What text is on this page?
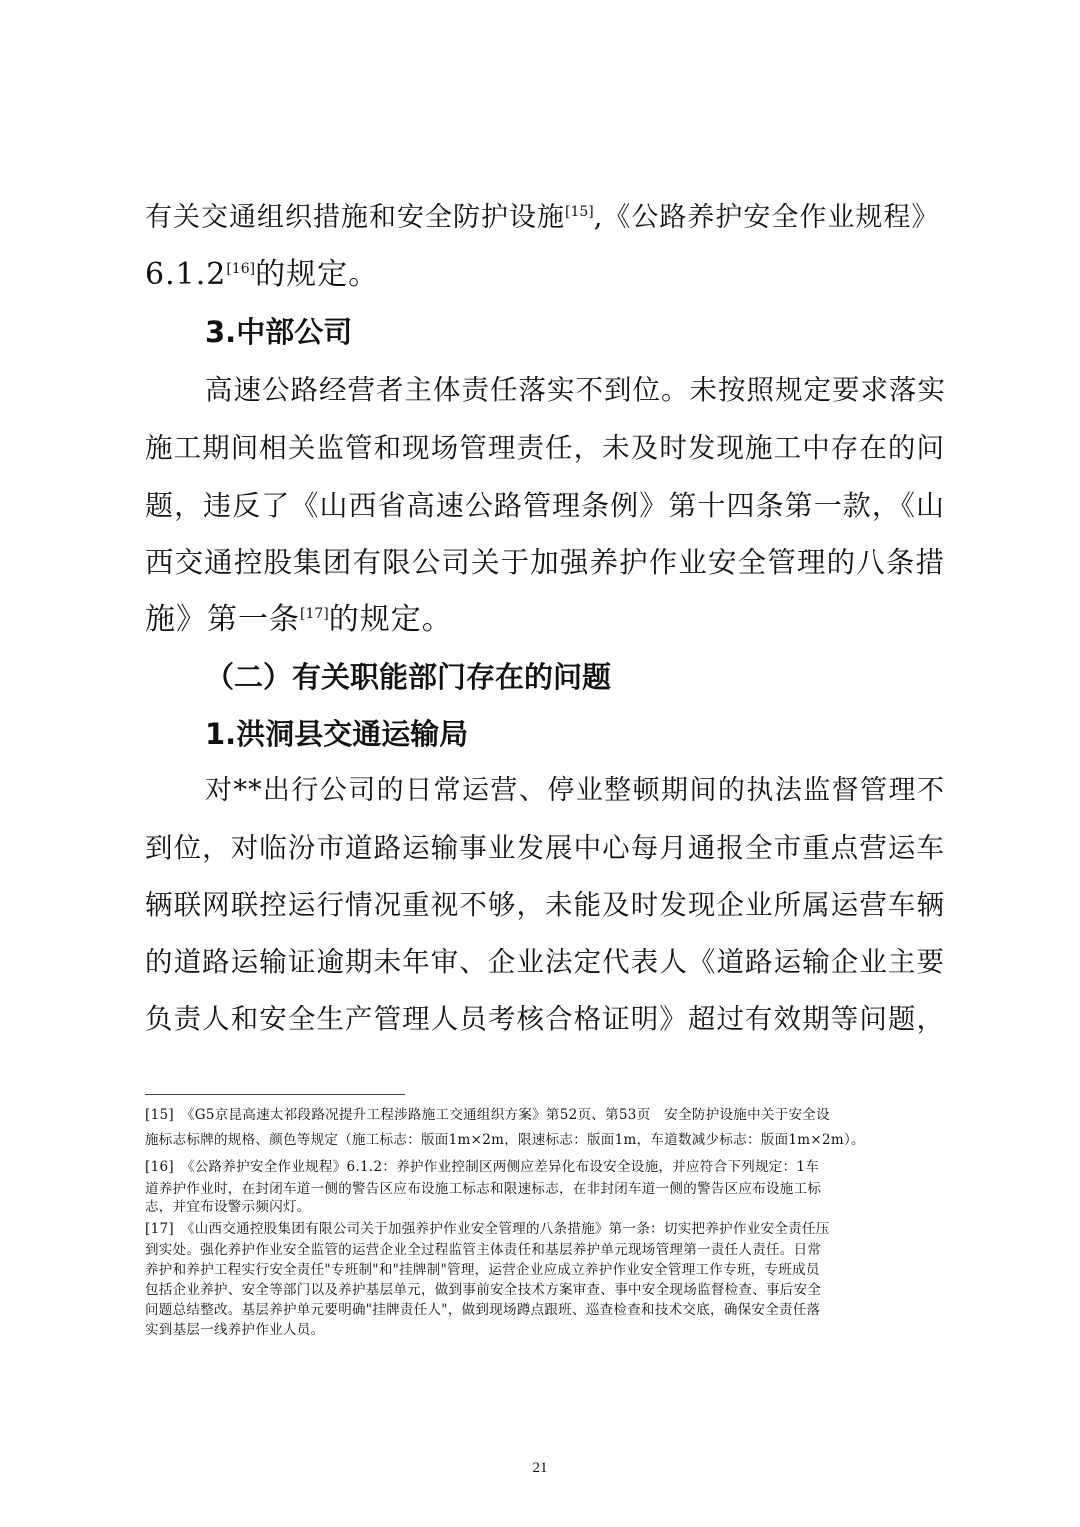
有关交通组织措施和安全防护设施[15],《公路养护安全作业规程》
6.1.2[16]的规定。
3.中部公司
高速公路经营者主体责任落实不到位。未按照规定要求落实
施工期间相关监管和现场管理责任，未及时发现施工中存在的问
题，违反了《山西省高速公路管理条例》第十四条第一款，《山
西交通控股集团有限公司关于加强养护作业安全管理的八条措
施》第一条[17]的规定。
（二）有关职能部门存在的问题
1.洪洞县交通运输局
对**出行公司的日常运营、停业整顿期间的执法监督管理不
到位，对临汾市道路运输事业发展中心每月通报全市重点营运车
辆联网联控运行情况重视不够，未能及时发现企业所属运营车辆
的道路运输证逾期未年审、企业法定代表人《道路运输企业主要
负责人和安全生产管理人员考核合格证明》超过有效期等问题，
[15]　《G5京昆高速太祁段路况提升工程涉路施工交通组织方案》第52页、第53页　安全防护设施中关于安全设
施标志标牌的规格、颜色等规定（施工标志：版面1m×2m，限速标志：版面1m，车道数减少标志：版面1m×2m）。
[16]　《公路养护安全作业规程》6.1.2：养护作业控制区两侧应差异化布设安全设施，并应符合下列规定：1车
道养护作业时，在封闭车道一侧的警告区应布设施工标志和限速标志，在非封闭车道一侧的警告区应布设施工标
志，并宜布设警示频闪灯。
[17]　《山西交通控股集团有限公司关于加强养护作业安全管理的八条措施》第一条：切实把养护作业安全责任压
到实处。强化养护作业安全监管的运营企业全过程监管主体责任和基层养护单元现场管理第一责任人责任。日常
养护和养护工程实行安全责任"专班制"和"挂牌制"管理，运营企业应成立养护作业安全管理工作专班，专班成员
包括企业养护、安全等部门以及养护基层单元，做到事前安全技术方案审查、事中安全现场监督检查、事后安全
问题总结整改。基层养护单元要明确"挂牌责任人"，做到现场蹲点跟班、巡查检查和技术交底，确保安全责任落
实到基层一线养护作业人员。
21
